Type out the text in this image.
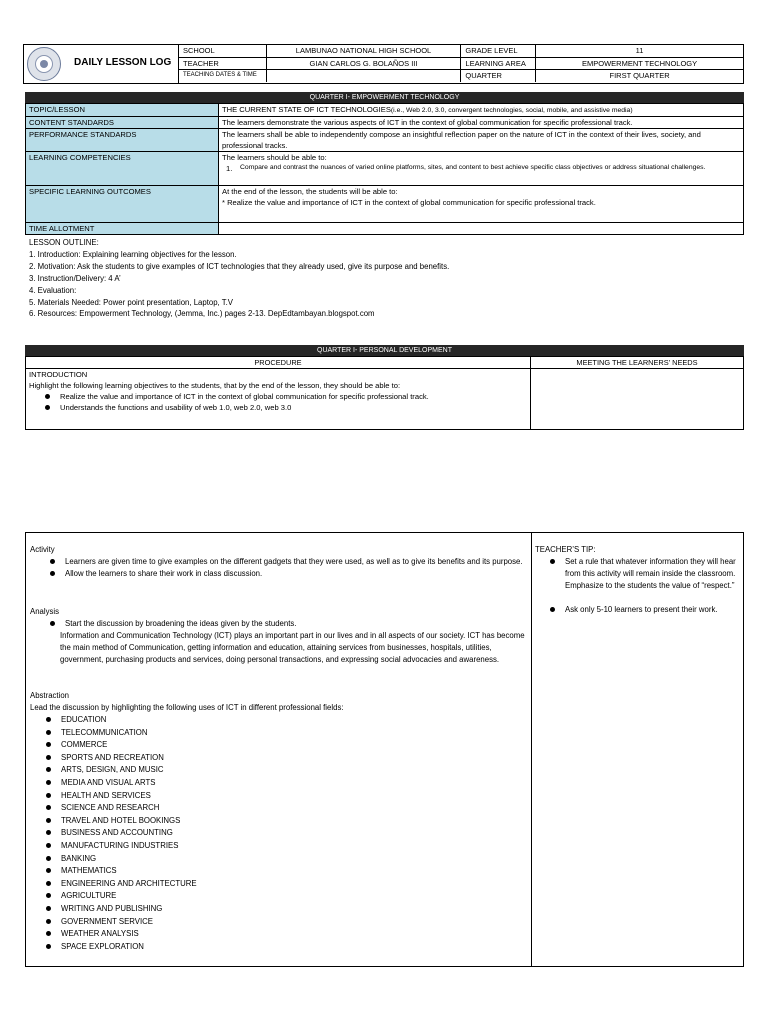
DAILY LESSON LOG
SCHOOL	LAMBUNAO NATIONAL HIGH SCHOOL	GRADE LEVEL	11
TEACHER	GIAN CARLOS G. BOLAÑOS III	LEARNING AREA	EMPOWERMENT TECHNOLOGY
TEACHING DATES & TIME		QUARTER	FIRST QUARTER
QUARTER I- EMPOWERMENT TECHNOLOGY
TOPIC/LESSON	THE CURRENT STATE OF ICT TECHNOLOGIES(i.e., Web 2.0, 3.0, convergent technologies, social, mobile, and assistive media)
CONTENT STANDARDS	The learners demonstrate the various aspects of ICT in the context of global communication for specific professional track.
PERFORMANCE STANDARDS	The learners shall be able to independently compose an insightful reflection paper on the nature of ICT in the context of their lives, society, and professional tracks.
LEARNING COMPETENCIES	The learners should be able to:
1. Compare and contrast the nuances of varied online platforms, sites, and content to best achieve specific class objectives or address situational challenges.

SPECIFIC LEARNING OUTCOMES	At the end of the lesson, the students will be able to:
* Realize the value and importance of ICT in the context of global communication for specific professional track.

TIME ALLOTMENT	
LESSON OUTLINE:
1. Introduction: Explaining learning objectives for the lesson.
2. Motivation: Ask the students to give examples of ICT technologies that they already used, give its purpose and benefits.
3. Instruction/Delivery: 4 A’
4. Evaluation:
5. Materials Needed: Power point presentation, Laptop, T.V
6. Resources: Empowerment Technology, (Jemma, Inc.) pages 2-13. DepEdtambayan.blogspot.com
QUARTER I- PERSONAL DEVELOPMENT
PROCEDURE	MEETING THE LEARNERS’ NEEDS

INTRODUCTION
Highlight the following learning objectives to the students, that by the end of the lesson, they should be able to:
Realize the value and importance of ICT in the context of global communication for specific professional track.
Understands the functions and usability of web 1.0, web 2.0, web 3.0	

Activity
Learners are given time to give examples on the different gadgets that they were used, as well as to give its benefits and its purpose.
Allow the learners to share their work in class discussion.
Analysis
Start the discussion by broadening the ideas given by the students.
Information and Communication Technology (ICT) plays an important part in our lives and in all aspects of our society. ICT has become the main method of Communication, getting information and education, attaining services from businesses, hospitals, utilities, government, purchasing products and services, doing personal transactions, and expressing social advocacies and awareness.
Abstraction
Lead the discussion by highlighting the following uses of ICT in different professional fields:
EDUCATION
TELECOMMUNICATION
COMMERCE
SPORTS AND RECREATION
ARTS, DESIGN, AND MUSIC
MEDIA AND VISUAL ARTS
HEALTH AND SERVICES
SCIENCE AND RESEARCH
TRAVEL AND HOTEL BOOKINGS
BUSINESS AND ACCOUNTING
MANUFACTURING INDUSTRIES
BANKING
MATHEMATICS
ENGINEERING AND ARCHITECTURE
AGRICULTURE
WRITING AND PUBLISHING
GOVERNMENT SERVICE
WEATHER ANALYSIS
SPACE EXPLORATION
TEACHER’S TIP:
Set a rule that whatever information they will hear from this activity will remain inside the classroom. Emphasize to the students the value of “respect.”
Ask only 5-10 learners to present their work.
